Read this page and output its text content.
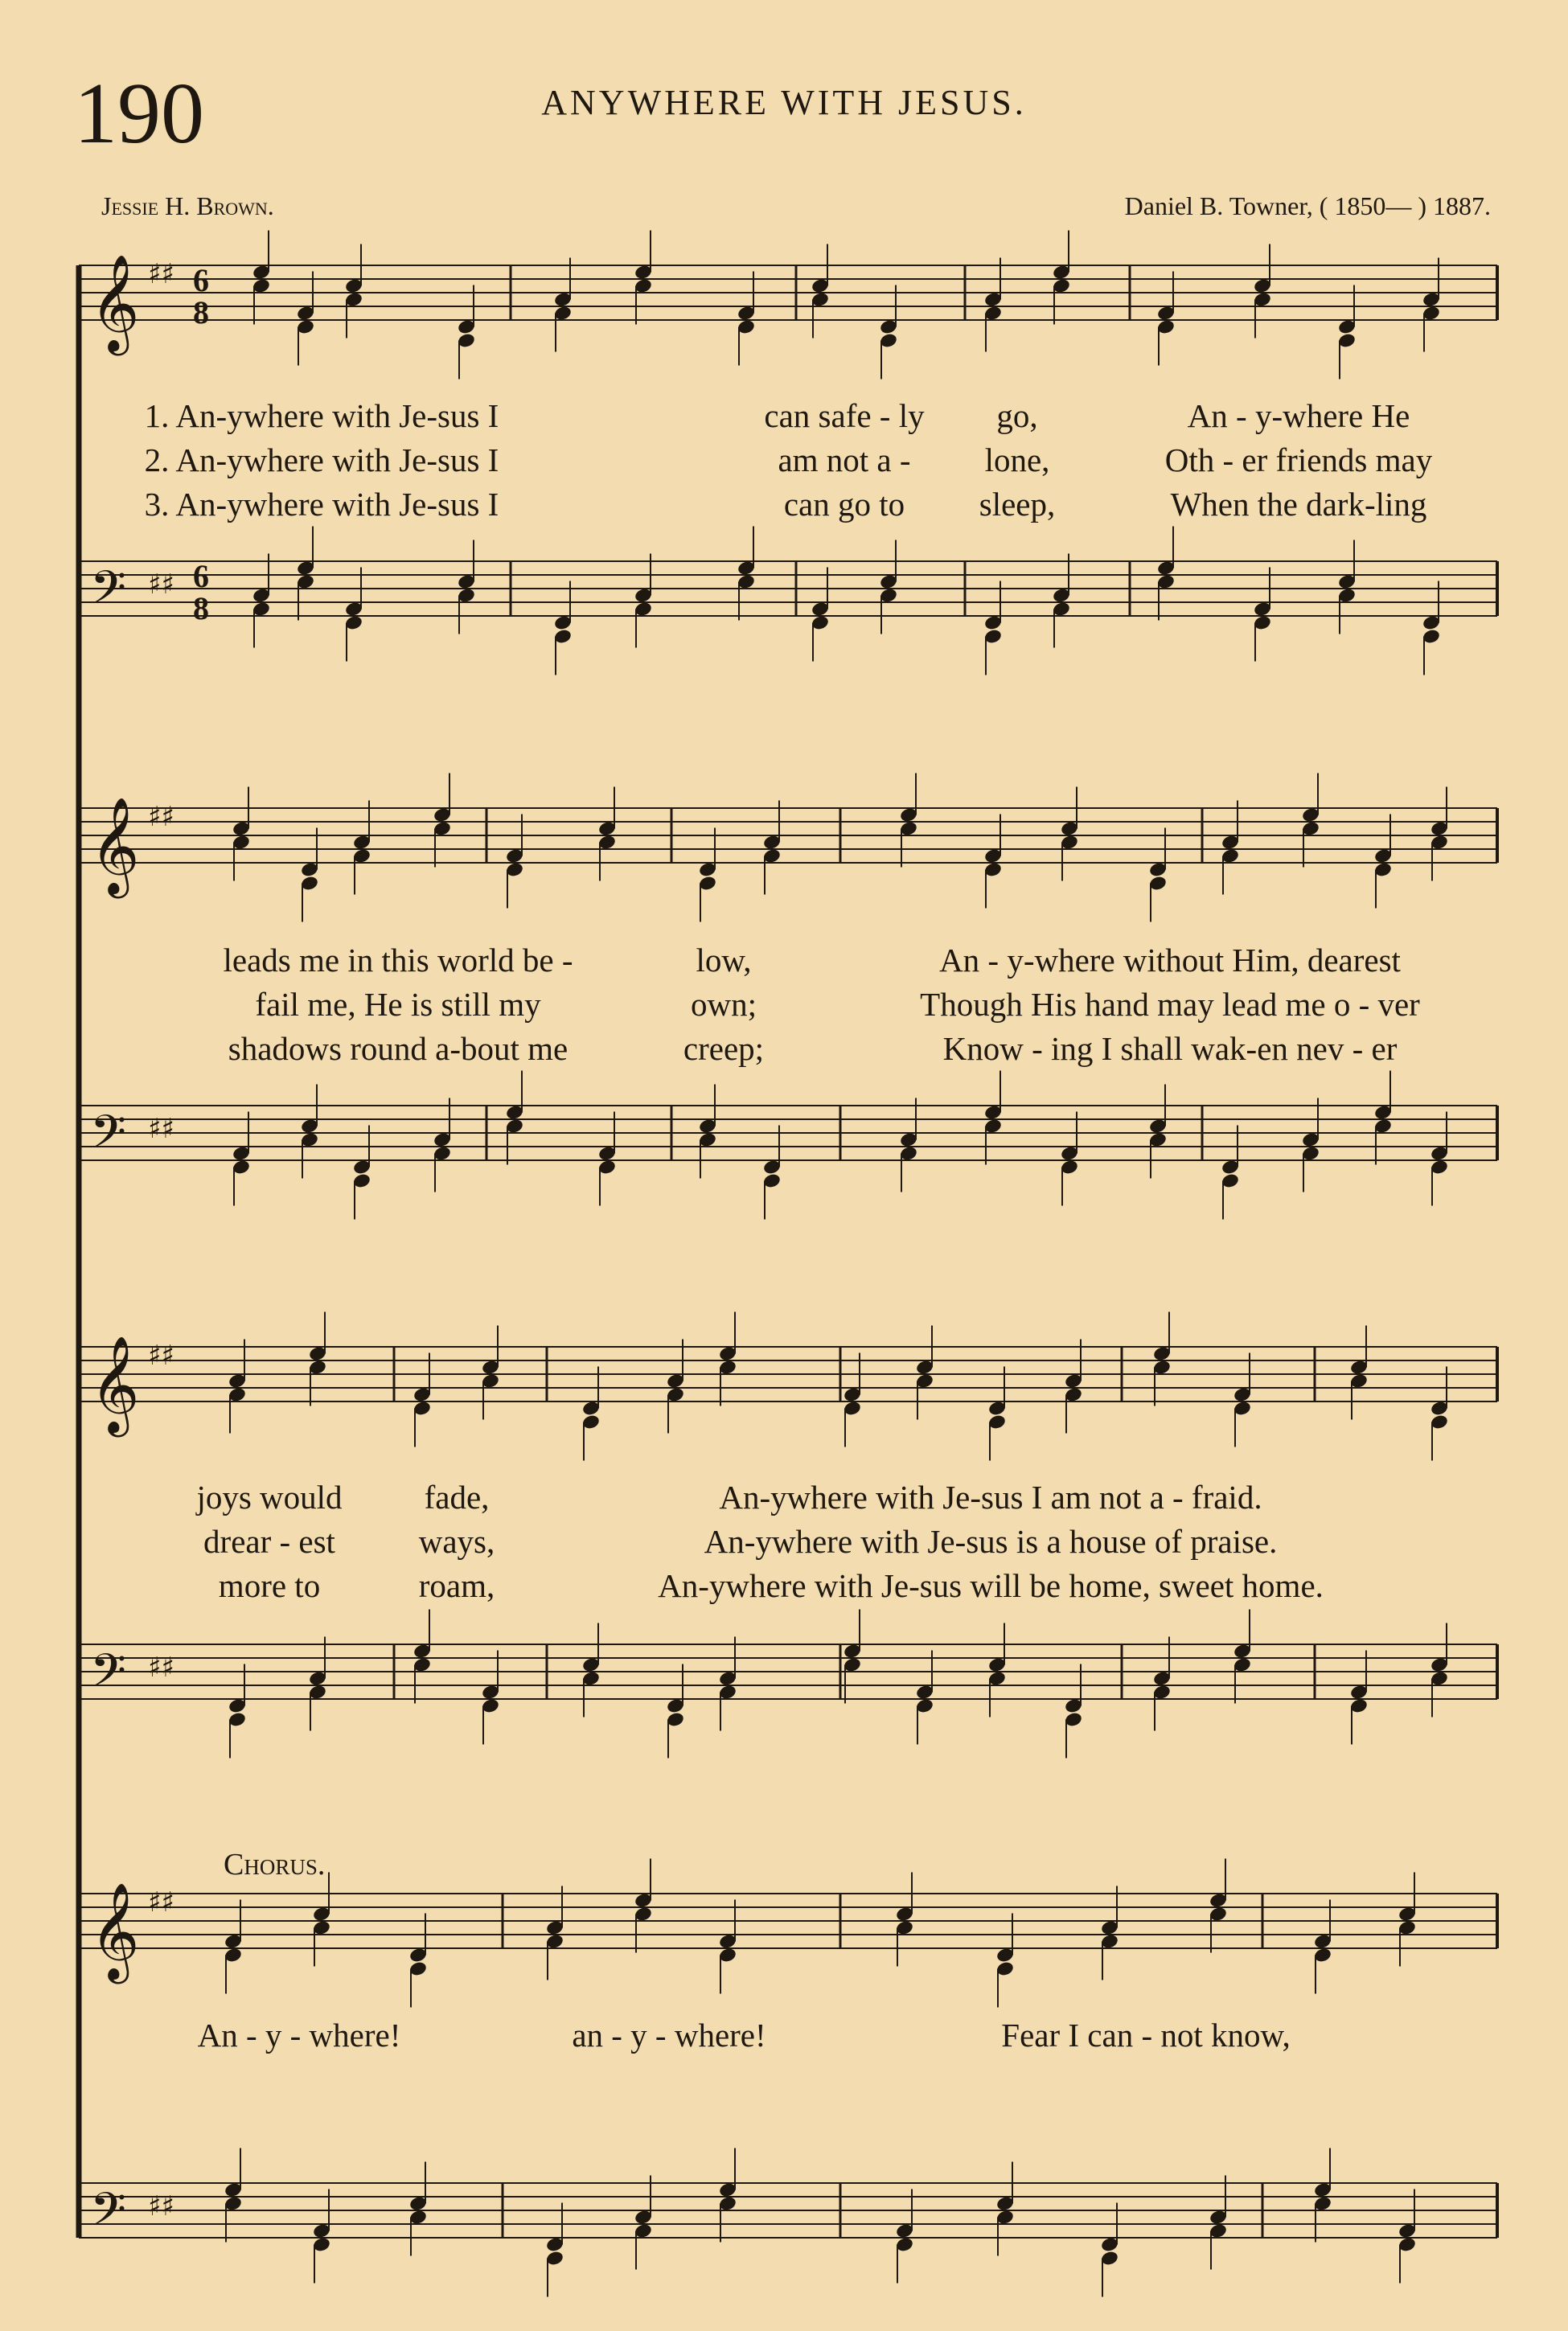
190	ANYWHERE WITH JESUS.
Jessie H. Brown.	Daniel B. Towner, ( 1850— ) 1887.
Chorus.
𝄞 ♯♯
𝄢 ♯♯
𝄞 ♯♯
𝄢 ♯♯
𝄞 ♯♯
𝄢 ♯♯
𝄞 ♯♯
𝄢 ♯♯
6
8
6
8
1. An-ywhere with Je-sus I	can safe - ly go,	An - y-where He
2. An-ywhere with Je-sus I	am not a - lone,	Oth - er friends may
3. An-ywhere with Je-sus I	can go to sleep,	When the dark-ling
leads me in this world be -	low,	An - y-where without Him, dearest
fail me, He is still my	own;	Though His hand may lead me o - ver
shadows round a-bout me	creep;	Know - ing I shall wak-en nev - er
joys would fade,	An-ywhere with Je-sus I am not a - fraid.
drear - est	ways,	An-ywhere with Je-sus is a house of praise.
more to	roam,	An-ywhere with Je-sus will be home, sweet home.
An - y - where!	an - y - where!	Fear I can - not know,
